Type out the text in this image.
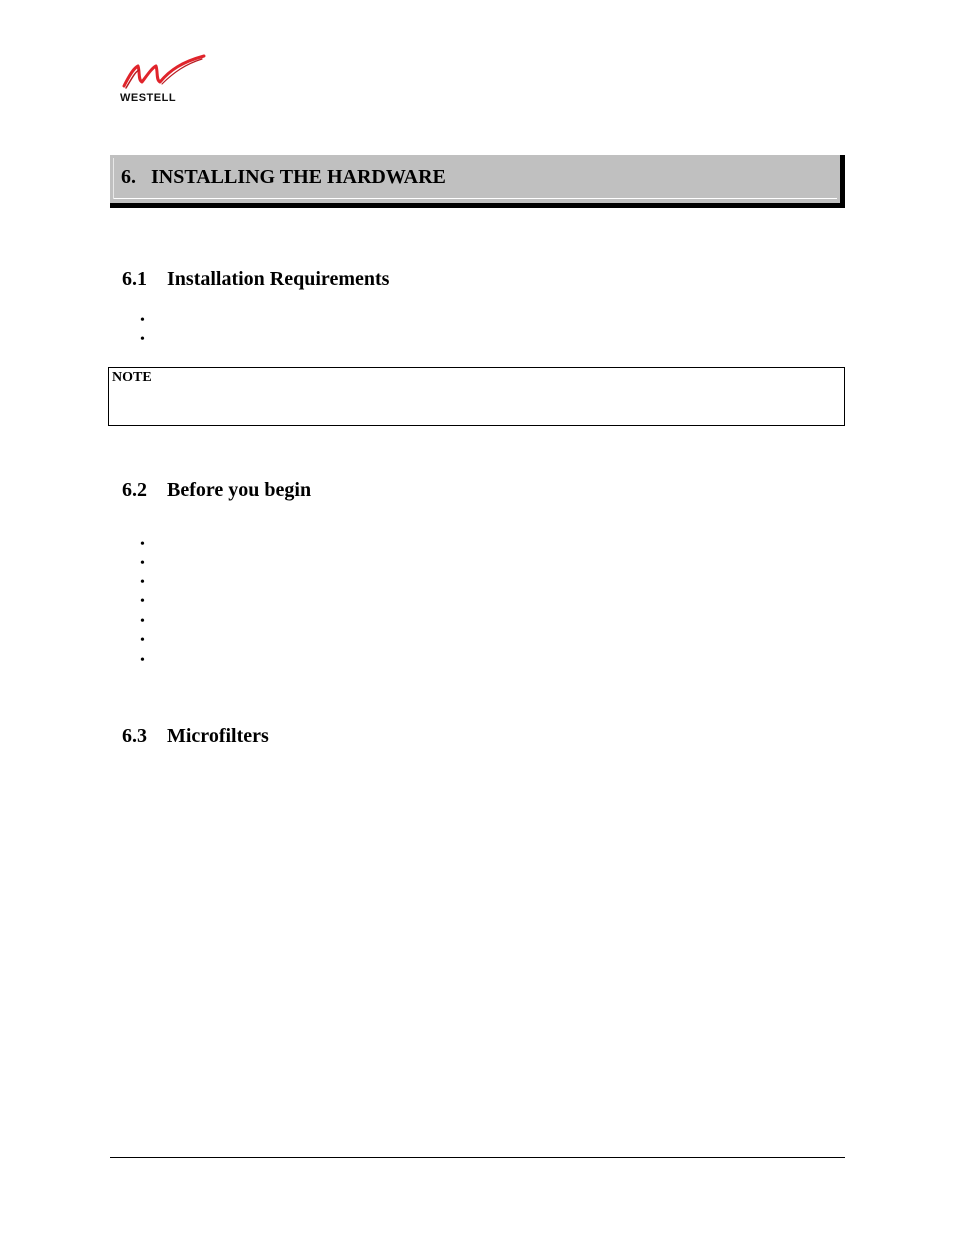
WESTELL
6.   INSTALLING THE HARDWARE

6.1 Installation Requirements

•
•
NOTE

6.2 Before you begin

•
•
•
•
•
•
•

6.3 Microfilters
